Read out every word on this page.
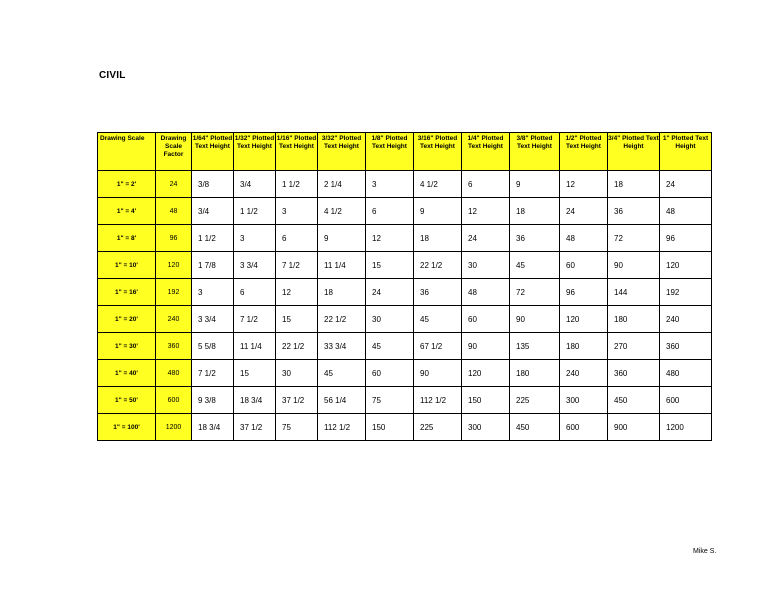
CIVIL
Drawing Scale	Drawing Scale Factor	1/64" Plotted Text Height	1/32" Plotted Text Height	1/16" Plotted Text Height	3/32" Plotted Text Height	1/8" Plotted Text Height	3/16" Plotted Text Height	1/4" Plotted Text Height	3/8" Plotted Text Height	1/2" Plotted Text Height	3/4" Plotted Text Height	1" Plotted Text Height
1" = 2'	24	3/8	3/4	1 1/2	2 1/4	3	4 1/2	6	9	12	18	24
1" = 4'	48	3/4	1 1/2	3	4 1/2	6	9	12	18	24	36	48
1" = 8'	96	1 1/2	3	6	9	12	18	24	36	48	72	96
1" = 10'	120	1 7/8	3 3/4	7 1/2	11 1/4	15	22 1/2	30	45	60	90	120
1" = 16'	192	3	6	12	18	24	36	48	72	96	144	192
1" = 20'	240	3 3/4	7 1/2	15	22 1/2	30	45	60	90	120	180	240
1" = 30'	360	5 5/8	11 1/4	22 1/2	33 3/4	45	67 1/2	90	135	180	270	360
1" = 40'	480	7 1/2	15	30	45	60	90	120	180	240	360	480
1" = 50'	600	9 3/8	18 3/4	37 1/2	56 1/4	75	112 1/2	150	225	300	450	600
1" = 100'	1200	18 3/4	37 1/2	75	112 1/2	150	225	300	450	600	900	1200
Mike S.
